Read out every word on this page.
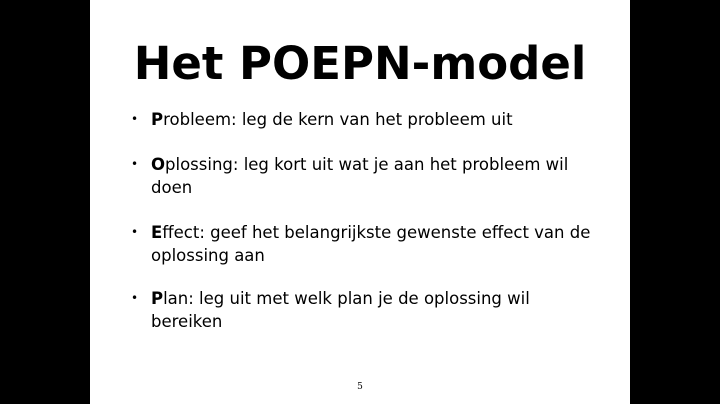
Het POEPN-model
• Probleem: leg de kern van het probleem uit
• Oplossing: leg kort uit wat je aan het probleem wil doen
• Effect: geef het belangrijkste gewenste effect van de oplossing aan
• Plan: leg uit met welk plan je de oplossing wil bereiken
5
